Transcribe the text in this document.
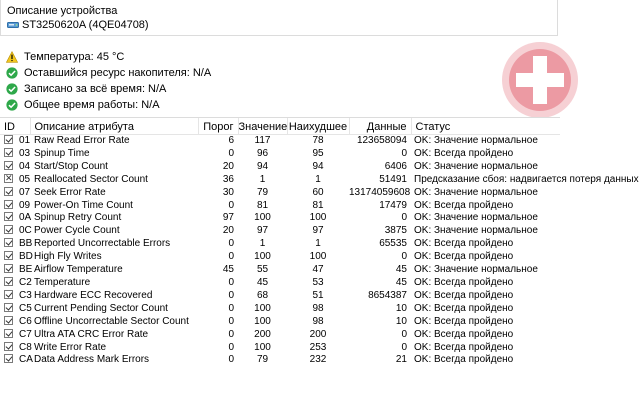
Описание устройства
ST3250620A (4QE04708)
Температура: 45 °C
Оставшийся ресурс накопителя: N/A
Записано за всё время: N/A
Общее время работы: N/A
ID	Описание атрибута	Порог	Значение	Наихудшее	Данные	Статус
01	Raw Read Error Rate	6	117	78	123658094	OK: Значение нормальное
03	Spinup Time	0	96	95	0	OK: Всегда пройдено
04	Start/Stop Count	20	94	94	6406	OK: Значение нормальное
✕05	Reallocated Sector Count	36	1	1	51491	Предсказание сбоя: надвигается потеря данных
07	Seek Error Rate	30	79	60	13174059608	OK: Значение нормальное
09	Power-On Time Count	0	81	81	17479	OK: Всегда пройдено
0A	Spinup Retry Count	97	100	100	0	OK: Значение нормальное
0C	Power Cycle Count	20	97	97	3875	OK: Значение нормальное
BB	Reported Uncorrectable Errors	0	1	1	65535	OK: Всегда пройдено
BD	High Fly Writes	0	100	100	0	OK: Всегда пройдено
BE	Airflow Temperature	45	55	47	45	OK: Значение нормальное
C2	Temperature	0	45	53	45	OK: Всегда пройдено
C3	Hardware ECC Recovered	0	68	51	8654387	OK: Всегда пройдено
C5	Current Pending Sector Count	0	100	98	10	OK: Всегда пройдено
C6	Offline Uncorrectable Sector Count	0	100	98	10	OK: Всегда пройдено
C7	Ultra ATA CRC Error Rate	0	200	200	0	OK: Всегда пройдено
C8	Write Error Rate	0	100	253	0	OK: Всегда пройдено
CA	Data Address Mark Errors	0	79	232	21	OK: Всегда пройдено
